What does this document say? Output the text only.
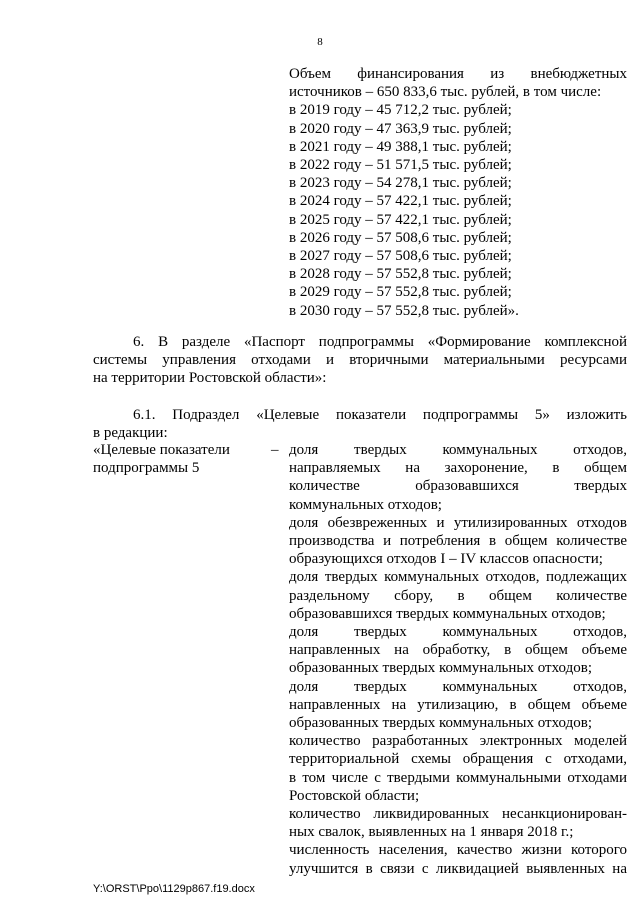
8
Объем финансирования из внебюджетных
источников – 650 833,6 тыс. рублей, в том числе:
в 2019 году – 45 712,2 тыс. рублей;
в 2020 году – 47 363,9 тыс. рублей;
в 2021 году – 49 388,1 тыс. рублей;
в 2022 году – 51 571,5 тыс. рублей;
в 2023 году – 54 278,1 тыс. рублей;
в 2024 году – 57 422,1 тыс. рублей;
в 2025 году – 57 422,1 тыс. рублей;
в 2026 году – 57 508,6 тыс. рублей;
в 2027 году – 57 508,6 тыс. рублей;
в 2028 году – 57 552,8 тыс. рублей;
в 2029 году – 57 552,8 тыс. рублей;
в 2030 году – 57 552,8 тыс. рублей».
6. В разделе «Паспорт подпрограммы «Формирование комплексной
системы управления отходами и вторичными материальными ресурсами
на территории Ростовской области»:
6.1. Подраздел «Целевые показатели подпрограммы 5» изложить
в редакции:
«Целевые показатели
подпрограммы 5
– доля твердых коммунальных отходов,
направляемых на захоронение, в общем
количестве образовавшихся твердых
коммунальных отходов;
доля обезвреженных и утилизированных отходов
производства и потребления в общем количестве
образующихся отходов I – IV классов опасности;
доля твердых коммунальных отходов, подлежащих
раздельному сбору, в общем количестве
образовавшихся твердых коммунальных отходов;
доля твердых коммунальных отходов,
направленных на обработку, в общем объеме
образованных твердых коммунальных отходов;
доля твердых коммунальных отходов,
направленных на утилизацию, в общем объеме
образованных твердых коммунальных отходов;
количество разработанных электронных моделей
территориальной схемы обращения с отходами,
в том числе с твердыми коммунальными отходами
Ростовской области;
количество ликвидированных несанкционирован-
ных свалок, выявленных на 1 января 2018 г.;
численность населения, качество жизни которого
улучшится в связи с ликвидацией выявленных на
Y:\ORST\Ppo\1129p867.f19.docx
